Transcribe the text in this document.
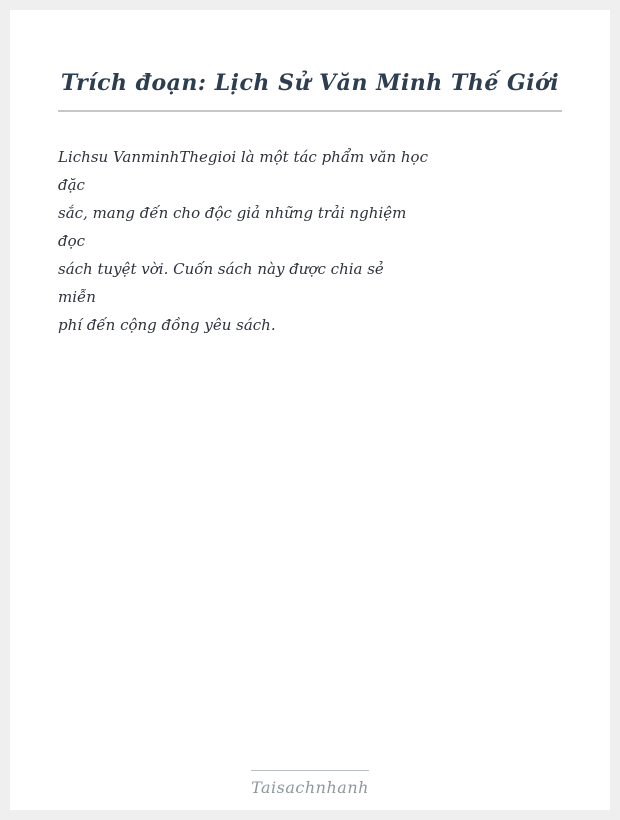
Trích đoạn: Lịch Sử Văn Minh Thế Giới

Lichsu VanminhThegioi là một tác phẩm văn học

đặc

sắc, mang đến cho độc giả những trải nghiệm

đọc

sách tuyệt vời. Cuốn sách này được chia sẻ

miễn

phí đến cộng đồng yêu sách.

Taisachnhanh
